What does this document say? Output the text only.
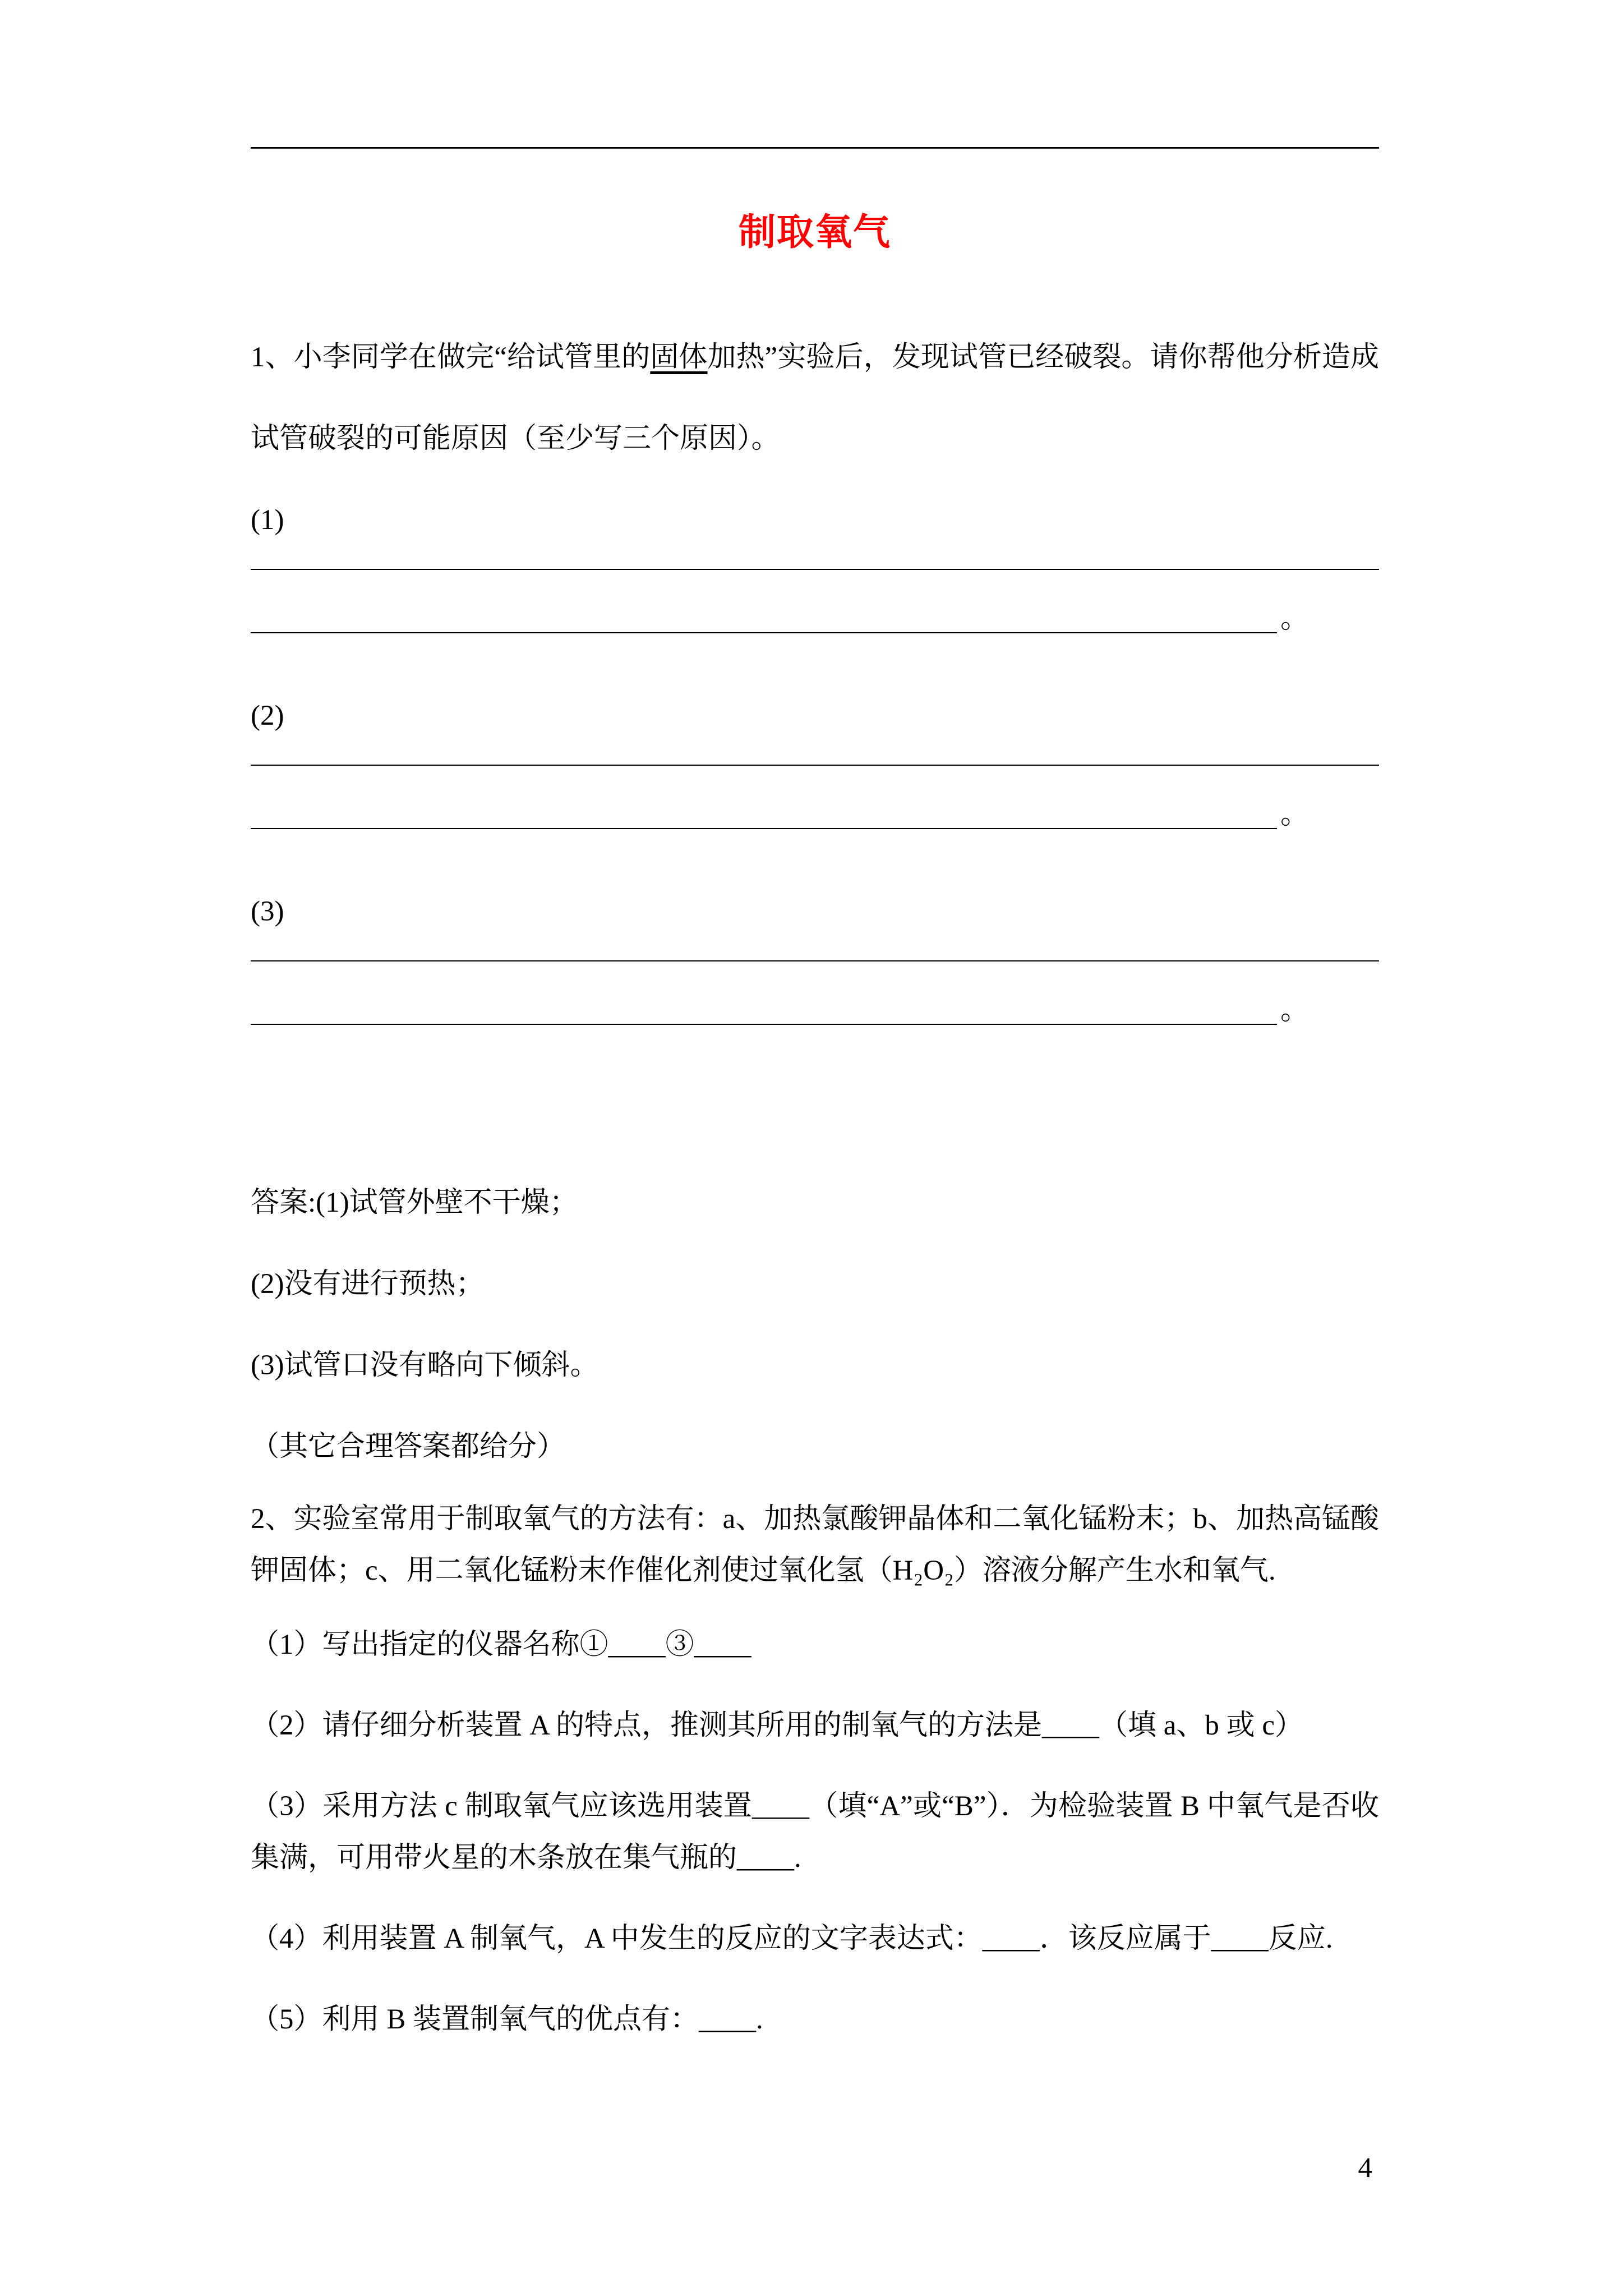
制取氧气

1、小李同学在做完“给试管里的固体加热”实验后，发现试管已经破裂。请你帮他分析造成试管破裂的可能原因（至少写三个原因）。

(1)
。
(2)
。
(3)
。
答案:(1)试管外壁不干燥；
(2)没有进行预热；
(3)试管口没有略向下倾斜。
（其它合理答案都给分）

2、实验室常用于制取氧气的方法有：a、加热氯酸钾晶体和二氧化锰粉末；b、加热高锰酸钾固体；c、用二氧化锰粉末作催化剂使过氧化氢（H₂O₂）溶液分解产生水和氧气.

（1）写出指定的仪器名称①____③____

（2）请仔细分析装置 A 的特点，推测其所用的制氧气的方法是____（填 a、b 或 c）

（3）采用方法 c 制取氧气应该选用装置____（填“A”或“B”）．为检验装置 B 中氧气是否收集满，可用带火星的木条放在集气瓶的____.

（4）利用装置 A 制氧气，A 中发生的反应的文字表达式：____．该反应属于____反应.

（5）利用 B 装置制氧气的优点有：____.

4
